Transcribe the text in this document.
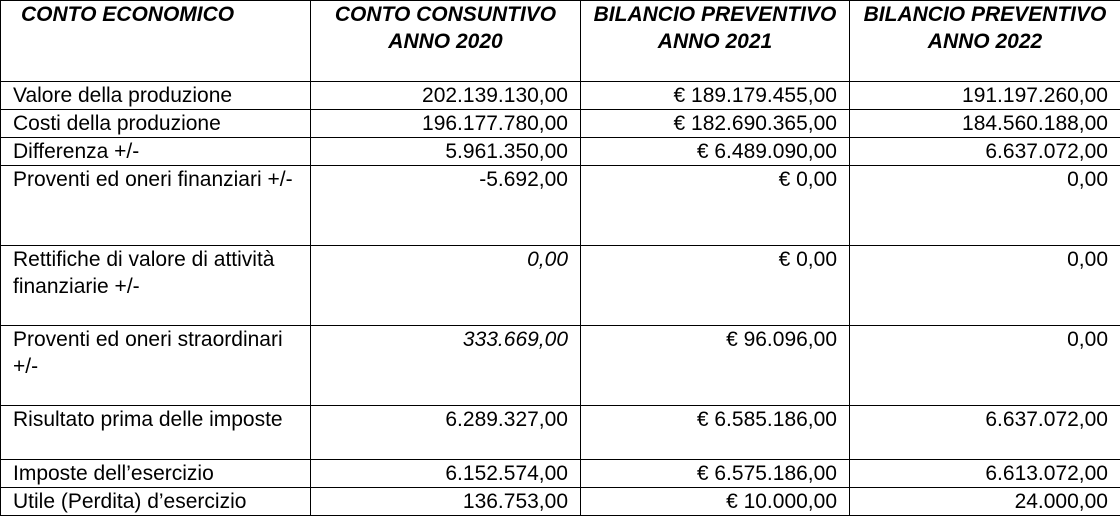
CONTO ECONOMICO	CONTO CONSUNTIVO ANNO 2020	BILANCIO PREVENTIVO ANNO 2021	BILANCIO PREVENTIVO ANNO 2022
Valore della produzione	202.139.130,00	€ 189.179.455,00	191.197.260,00
Costi della produzione	196.177.780,00	€ 182.690.365,00	184.560.188,00
Differenza +/-	5.961.350,00	€ 6.489.090,00	6.637.072,00
Proventi ed oneri finanziari +/-	-5.692,00	€ 0,00	0,00
Rettifiche di valore di attività finanziarie +/-	0,00	€ 0,00	0,00
Proventi ed oneri straordinari +/-	333.669,00	€ 96.096,00	0,00
Risultato prima delle imposte	6.289.327,00	€ 6.585.186,00	6.637.072,00
Imposte dell’esercizio	6.152.574,00	€ 6.575.186,00	6.613.072,00
Utile (Perdita) d’esercizio	136.753,00	€ 10.000,00	24.000,00
